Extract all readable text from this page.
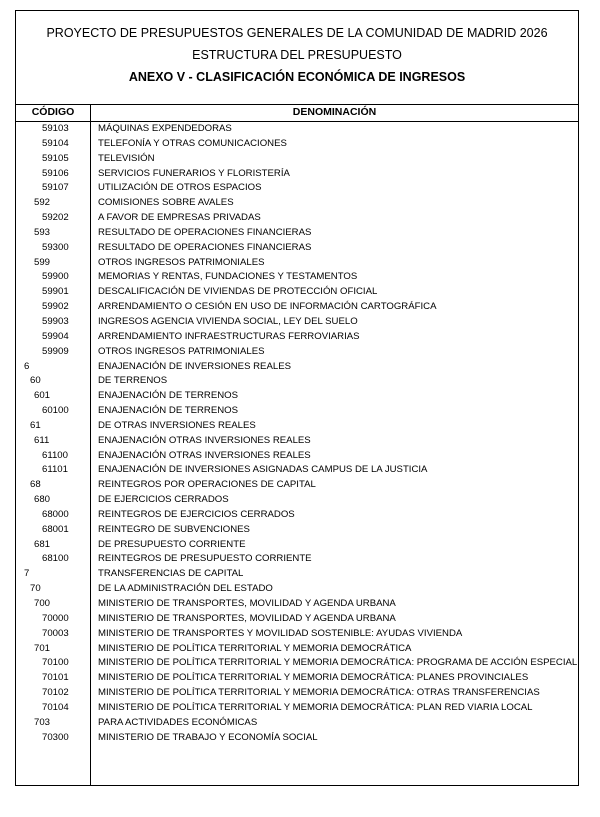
PROYECTO DE PRESUPUESTOS GENERALES DE LA COMUNIDAD DE MADRID 2026
ESTRUCTURA DEL PRESUPUESTO
ANEXO V - CLASIFICACIÓN ECONÓMICA DE INGRESOS
CÓDIGO	DENOMINACIÓN
59103	MÁQUINAS EXPENDEDORAS
59104	TELEFONÍA Y OTRAS COMUNICACIONES
59105	TELEVISIÓN
59106	SERVICIOS FUNERARIOS Y FLORISTERÍA
59107	UTILIZACIÓN DE OTROS ESPACIOS
592	COMISIONES SOBRE AVALES
59202	A FAVOR DE EMPRESAS PRIVADAS
593	RESULTADO DE OPERACIONES FINANCIERAS
59300	RESULTADO DE OPERACIONES FINANCIERAS
599	OTROS INGRESOS PATRIMONIALES
59900	MEMORIAS Y RENTAS, FUNDACIONES Y TESTAMENTOS
59901	DESCALIFICACIÓN DE VIVIENDAS DE PROTECCIÓN OFICIAL
59902	ARRENDAMIENTO O CESIÓN EN USO DE INFORMACIÓN CARTOGRÁFICA
59903	INGRESOS AGENCIA VIVIENDA SOCIAL, LEY DEL SUELO
59904	ARRENDAMIENTO INFRAESTRUCTURAS FERROVIARIAS
59909	OTROS INGRESOS PATRIMONIALES
6	ENAJENACIÓN DE INVERSIONES REALES
60	DE TERRENOS
601	ENAJENACIÓN DE TERRENOS
60100	ENAJENACIÓN DE TERRENOS
61	DE OTRAS INVERSIONES REALES
611	ENAJENACIÓN OTRAS INVERSIONES REALES
61100	ENAJENACIÓN OTRAS INVERSIONES REALES
61101	ENAJENACIÓN DE INVERSIONES ASIGNADAS CAMPUS DE LA JUSTICIA
68	REINTEGROS POR OPERACIONES DE CAPITAL
680	DE EJERCICIOS CERRADOS
68000	REINTEGROS DE EJERCICIOS CERRADOS
68001	REINTEGRO DE SUBVENCIONES
681	DE PRESUPUESTO CORRIENTE
68100	REINTEGROS DE PRESUPUESTO CORRIENTE
7	TRANSFERENCIAS DE CAPITAL
70	DE LA ADMINISTRACIÓN DEL ESTADO
700	MINISTERIO DE TRANSPORTES, MOVILIDAD Y AGENDA URBANA
70000	MINISTERIO DE TRANSPORTES, MOVILIDAD Y AGENDA URBANA
70003	MINISTERIO DE TRANSPORTES Y MOVILIDAD SOSTENIBLE: AYUDAS VIVIENDA
701	MINISTERIO DE POLÍTICA TERRITORIAL Y MEMORIA DEMOCRÁTICA
70100	MINISTERIO DE POLÍTICA TERRITORIAL Y MEMORIA DEMOCRÁTICA: PROGRAMA DE ACCIÓN ESPECIAL
70101	MINISTERIO DE POLÍTICA TERRITORIAL Y MEMORIA DEMOCRÁTICA: PLANES PROVINCIALES
70102	MINISTERIO DE POLÍTICA TERRITORIAL Y MEMORIA DEMOCRÁTICA: OTRAS TRANSFERENCIAS
70104	MINISTERIO DE POLÍTICA TERRITORIAL Y MEMORIA DEMOCRÁTICA: PLAN RED VIARIA LOCAL
703	PARA ACTIVIDADES ECONÓMICAS
70300	MINISTERIO DE TRABAJO Y ECONOMÍA SOCIAL
